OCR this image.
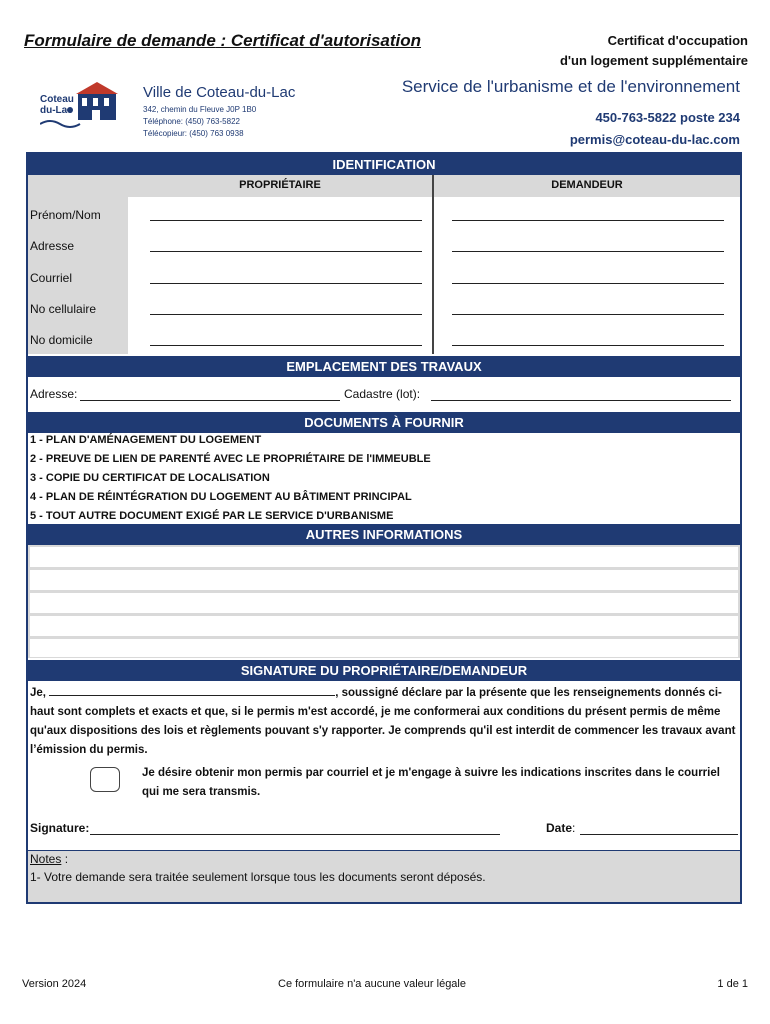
Formulaire de demande : Certificat d'autorisation	Certificat d'occupation
d'un logement supplémentaire
Coteau
du-Lac
Ville de Coteau-du-Lac
342, chemin du Fleuve J0P 1B0
Téléphone: (450) 763-5822
Télécopieur: (450) 763 0938
Service de l'urbanisme et de l'environnement
450-763-5822 poste 234
permis@coteau-du-lac.com
IDENTIFICATION
PROPRIÉTAIRE	DEMANDEUR
Prénom/Nom
Adresse
Courriel
No cellulaire
No domicile
EMPLACEMENT DES TRAVAUX
Adresse:	Cadastre (lot):
DOCUMENTS À FOURNIR
1 - PLAN D'AMÉNAGEMENT DU LOGEMENT
2 - PREUVE DE LIEN DE PARENTÉ AVEC LE PROPRIÉTAIRE DE l'IMMEUBLE
3 - COPIE DU CERTIFICAT DE LOCALISATION
4 - PLAN DE RÉINTÉGRATION DU LOGEMENT AU BÂTIMENT PRINCIPAL
5 - TOUT AUTRE DOCUMENT EXIGÉ PAR LE SERVICE D'URBANISME
AUTRES INFORMATIONS
SIGNATURE DU PROPRIÉTAIRE/DEMANDEUR
Je,	, soussigné déclare par la présente que les renseignements donnés ci-haut sont complets et exacts et que, si le permis m'est accordé, je me conformerai aux conditions du présent permis de même qu'aux dispositions des lois et règlements pouvant s'y rapporter. Je comprends qu'il est interdit de commencer les travaux avant l’émission du permis.
Je désire obtenir mon permis par courriel et je m'engage à suivre les indications inscrites dans le courriel qui me sera transmis.
Signature:	Date:
Notes :
1- Votre demande sera traitée seulement lorsque tous les documents seront déposés.
Version 2024	Ce formulaire n'a aucune valeur légale	1 de 1
